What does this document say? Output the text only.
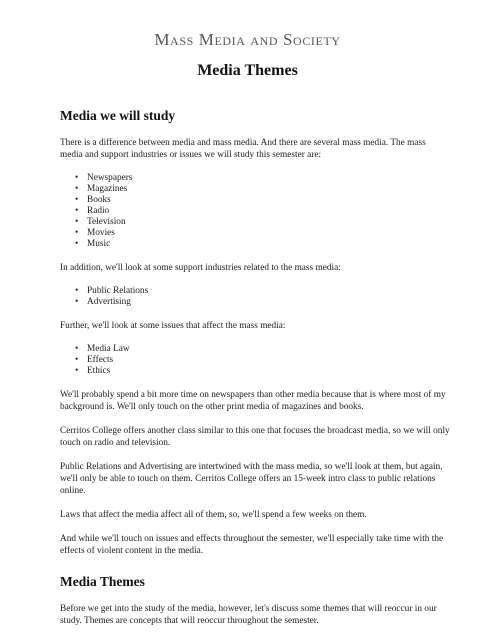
Mass Media and Society
Media Themes
Media we will study

There is a difference between media and mass media. And there are several mass media. The mass media and support industries or issues we will study this semester are:

• Newspapers
• Magazines
• Books
• Radio
• Television
• Movies
• Music

In addition, we'll look at some support industries related to the mass media:

• Public Relations
• Advertising

Further, we'll look at some issues that affect the mass media:

• Media Law
• Effects
• Ethics

We'll probably spend a bit more time on newspapers than other media because that is where most of my background is. We'll only touch on the other print media of magazines and books.

Cerritos College offers another class similar to this one that focuses the broadcast media, so we will only touch on radio and television.

Public Relations and Advertising are intertwined with the mass media, so we'll look at them, but again, we'll only be able to touch on them. Cerritos College offers an 15-week intro class to public relations online.

Laws that affect the media affect all of them, so, we'll spend a few weeks on them.

And while we'll touch on issues and effects throughout the semester, we'll especially take time with the effects of violent content in the media.

Media Themes

Before we get into the study of the media, however, let's discuss some themes that will reoccur in our study. Themes are concepts that will reoccur throughout the semester.
